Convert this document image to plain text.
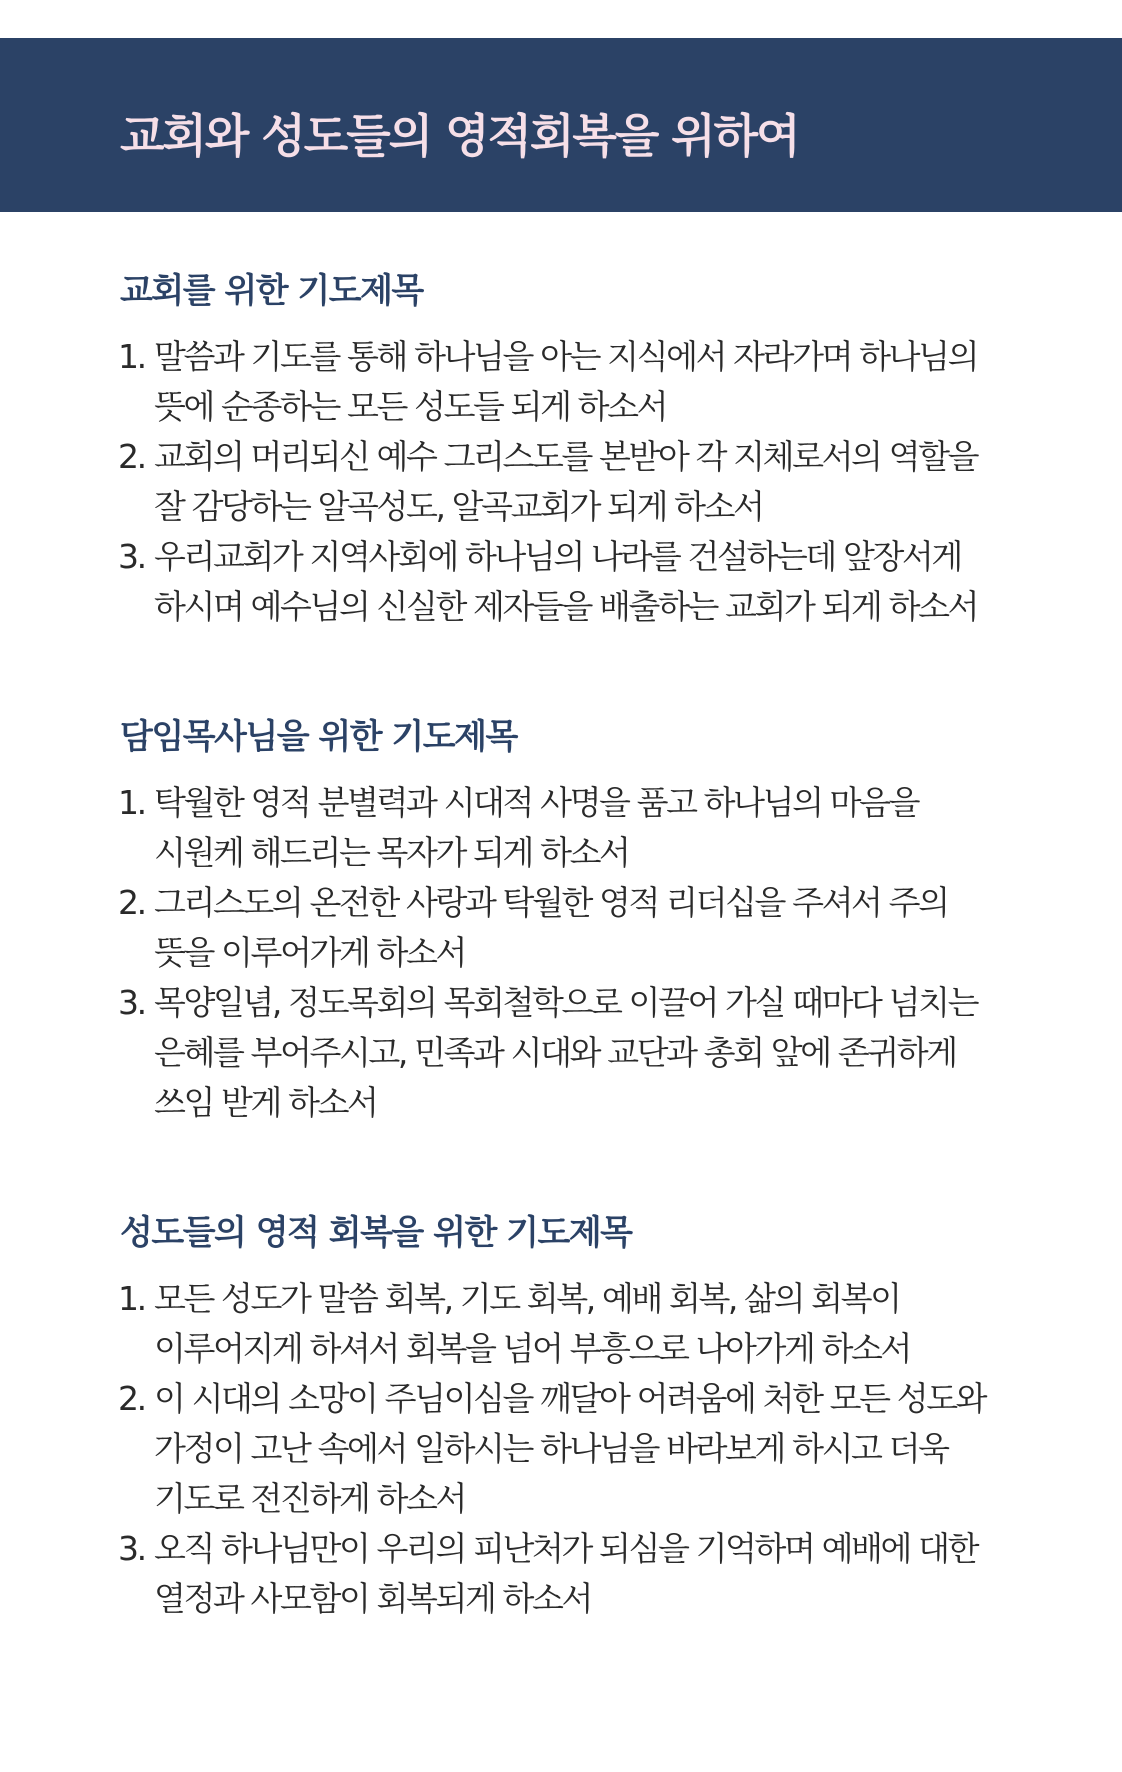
교회와 성도들의 영적회복을 위하여
교회를 위한 기도제목
1. 말씀과 기도를 통해 하나님을 아는 지식에서 자라가며 하나님의 뜻에 순종하는 모든 성도들 되게 하소서
2. 교회의 머리되신 예수 그리스도를 본받아 각 지체로서의 역할을 잘 감당하는 알곡성도, 알곡교회가 되게 하소서
3. 우리교회가 지역사회에 하나님의 나라를 건설하는데 앞장서게 하시며 예수님의 신실한 제자들을 배출하는 교회가 되게 하소서
담임목사님을 위한 기도제목
1. 탁월한 영적 분별력과 시대적 사명을 품고 하나님의 마음을 시원케 해드리는 목자가 되게 하소서
2. 그리스도의 온전한 사랑과 탁월한 영적 리더십을 주셔서 주의 뜻을 이루어가게 하소서
3. 목양일념, 정도목회의 목회철학으로 이끌어 가실 때마다 넘치는 은혜를 부어주시고, 민족과 시대와 교단과 총회 앞에 존귀하게 쓰임 받게 하소서
성도들의 영적 회복을 위한 기도제목
1. 모든 성도가 말씀 회복, 기도 회복, 예배 회복, 삶의 회복이 이루어지게 하셔서 회복을 넘어 부흥으로 나아가게 하소서
2. 이 시대의 소망이 주님이심을 깨달아 어려움에 처한 모든 성도와 가정이 고난 속에서 일하시는 하나님을 바라보게 하시고 더욱 기도로 전진하게 하소서
3. 오직 하나님만이 우리의 피난처가 되심을 기억하며 예배에 대한 열정과 사모함이 회복되게 하소서
